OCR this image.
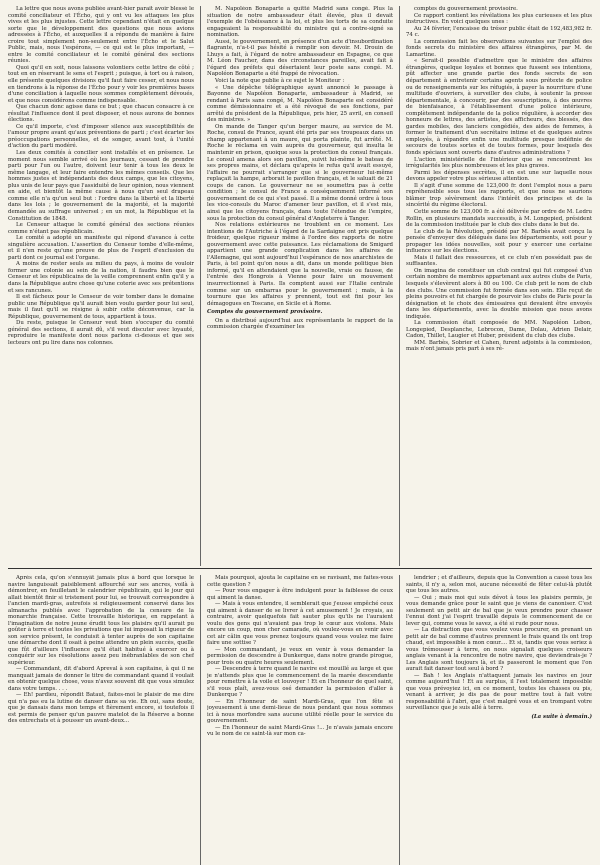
La lettre que nous avons publiée avant-hier paraît avoir blessé le comité conciliateur et l'Écho, qui y ont vu les attaques les plus vives et les plus injustes. Cette lettre cependant n'était en quelque sorte que le développement des questions que nous avions adressées à l'Écho, et auxquelles il a répondu de manière à faire croire tout simplement non-seulement entre l'Écho et le Salut Public, mais, nous l'espérons, — ce qui est le plus important, — entre le comité conciliateur et le comité général des sections réunies.

Quoi qu'il en soit, nous laissons volontiers cette lettre de côté ; tout en en réservant le sens et l'esprit ; puisque, à tort ou à raison, elle présente quelques divisions qu'il faut faire cesser, et nous nous en tiendrons à la réponse de l'Écho pour y voir les premières bases d'une conciliation à laquelle nous sommes complètement dévoués, et que nous considérons comme indispensable.

Que chacun donc agisse dans ce but ; que chacun consacre à ce résultat l'influence dont il peut disposer, et nous aurons de bonnes élections.

Ce qu'il importe, c'est d'imposer silence aux susceptibilités de l'amour propre avant qu'aux préventions de parti ; c'est écarter les préoccupations personnelles, et de songer, avant tout, à l'unité d'action du parti modéré.

Les deux comités à concilier sont installés et en présence. Le moment nous semble arrivé où les journaux, cessant de prendre parti pour l'un ou l'autre, doivent leur tenir à tous les deux le même langage, et leur faire entendre les mêmes conseils. Que les hommes justes et indépendants des deux camps, que les citoyens, plus unis de leur pays que l'assiduité de leur opinion, nous viennent en aide, et bientôt la même cause à nous qu'un seul drapeau comme elle n'a qu'un seul but : l'ordre dans la liberté et la liberté dans les lois ; le gouvernement de la majorité, et la majorité demandée au suffrage universel ; en un mot, la République et la Constitution de 1848.

Le Censeur attaque le comité général des sections réunies comme n'étant pas républicain.

Le comité a adopté un manifeste qui répond d'avance à cette singulière accusation. L'assertion du Censeur tombe d'elle-même, et il n'en reste qu'une preuve de plus de l'esprit d'exclusion du parti dont ce journal est l'organe.

A moins de rester seuls au milieu du pays, à moins de vouloir former une colonie au sein de la nation, il faudra bien que le Censeur et les républicains de la veille comprennent enfin qu'il y a dans la République autre chose qu'une coterie avec ses prétentions et ses rancunes.

Il est fâcheux pour le Censeur de voir tomber dans le domaine public une République qu'il aurait bien voulu garder pour lui seul, mais il faut qu'il se résigne à subir cette déconvenue, car la République, gouvernement de tous, appartient à tous.

Du reste, puisque le Censeur veut bien s'occuper du comité général des sections, il aurait dû, s'il veut discuter avec loyauté, reproduire le manifeste dont nous parlons ci-dessus et que ses lecteurs ont pu lire dans nos colonnes.

M. Napoléon Bonaparte a quitté Madrid sans congé. Plus la situation de notre ambassadeur était élevée, plus il devait l'exemple de l'obéissance à la loi, et plus les torts de sa conduite engageaient la responsabilité du ministre qui a contre-signé sa nomination.

Aussi, le gouvernement, en présence d'un acte d'insubordination flagrante, n'a-t-il pas hésité à remplir son devoir. M. Drouin de Lhuys a fait, à l'égard de notre ambassadeur en Espagne, ce que M. Léon Faucher, dans des circonstances pareilles, avait fait à l'égard des préfets qui désertaient leur poste sans congé. M. Napoléon Bonaparte a été frappé de révocation.

Voici la note que publie à ce sujet le Moniteur :

« Une dépêche télégraphique ayant annoncé le passage à Bayonne de Napoléon Bonaparte, ambassadeur à Madrid, se rendant à Paris sans congé, M. Napoléon Bonaparte est considéré comme démissionnaire et a été révoqué de ses fonctions, par arrêté du président de la République, pris hier, 25 avril, en conseil des ministres. »

On mande de Tanger qu'un berger maure, au service de M. Roche, consul de France, ayant été pris par ses troupeaux dans un champ appartenant à un maure, qui porta plainte, fut arrêté. M. Roche le réclama en vain auprès du gouverneur, qui insulta le maintenir en prison, quoique sous la protection du consul français. Le consul amena alors son pavillon, suivit lui-même le bateau de ses propres mains, et déclara qu'après le refus qu'il avait essuyé, l'affaire ne pourrait s'arranger que si le gouverneur lui-même replaçait la hampe, arborait le pavillon français, et le saluait de 21 coups de canon. Le gouverneur ne se soumettra pas à cette condition ; le consul de France a conséquemment informé son gouvernement de ce qui s'est passé. Il a même donné ordre à tous les vice-consuls du Maroc d'amener leur pavillon, et il s'est mis, ainsi que les citoyens français, dans toute l'étendue de l'empire, sous la protection du consul général d'Angleterre à Tanger.

Nos relations extérieures ne troublent en ce moment. Les intentions de l'Autriche à l'égard de la Sardaigne ont pris quelque froideur, quelque rigueur même à l'ordre des rapports de notre gouvernement avec cette puissance. Les réclamations de Smigard appartient une grande complication dans les affaires de l'Allemagne, qui sont aujourd'hui l'espérance de nos anarchistes de Paris, à tel point qu'on nous a dit, dans un monde politique bien informé, qu'il en attendaient que la nouvelle, vraie ou fausse, de l'entrée des Hongrois à Vienne pour faire un mouvement insurrectionnel à Paris. Ils comptent aussi sur l'Italie centrale comme sur un embarras pour le gouvernement ; mais, à la tournure que les affaires y prennent, tout est fini pour les démagogues en Toscane, en Sicile et à Rome.

Comptes du gouvernement provisoire.

On a distribué aujourd'hui aux représentants le rapport de la commission chargée d'examiner les

comptes du gouvernement provisoire.

Ce rapport contient les révélations les plus curieuses et les plus instructives. En voici quelques unes :

Au 24 février, l'encaisse du trésor public était de 192,483,982 fr. 74 c.

La commission fait les observations suivantes sur l'emploi des fonds secrets du ministère des affaires étrangères, par M. de Lamartine.

« Serait-il possible d'admettre que le ministre des affaires étrangères, quelque loyales et bonnes que fussent ses intentions, pût affecter une grande partie des fonds secrets de son département à entretenir certains agents sous prétexte de police ou de renseignements sur les réfugiés, à payer la nourriture d'une multitude d'ouvriers, à surveiller des clubs, à soutenir la presse départementale, à concourir, par des souscriptions, à des œuvres de bienfaisance, à l'établissement d'une police intérieure, complètement indépendante de la police régulière, à accorder des honneurs de lettres, des artistes, des afficheurs, des blessés, des gardes mobiles, des lanciers congédiés, des aides de femmes, à former le traitement d'un secrétaire intime et de quelques autres employés, à répandre enfin une multitude presque indéfinie de secours de toutes sortes et de toutes formes, pour lesquels des fonds spéciaux sont ouverts dans d'autres administrations ?

L'action ministérielle de l'intérieur que se rencontrent les irrégularités les plus nombreuses et les plus graves.

Parmi les dépenses secrètes, il en est une sur laquelle nous devons appeler votre plus sérieuse attention.

Il s'agit d'une somme de 123,000 fr. dont l'emploi nous a paru repréhensible sous tous les rapports, et que nous ne saurions blâmer trop sévèrement dans l'intérêt des principes et de la sincérité du régime électoral.

Cette somme de 123,000 fr. a été délivrée par ordre de M. Ledru Rollin, en plusieurs mandats successifs, à M. Longepied, président de la commission instituée par le club des clubs dans le but de.

Le club de la Révolution, présidé par M. Barbès avait conçu la pensée d'envoyer des délégués dans les départements, soit pour y propager les idées nouvelles, soit pour y exercer une certaine influence sur les élections.

Mais il fallait des ressources, et ce club n'en possédait pas de suffisantes.

On imagina de constituer un club central qui fut composé d'un certain nombre de membres appartenant aux autres clubs de Paris, lesquels s'élevèrent alors à 80 ou 100. Ce club prit le nom de club des clubs. Une commission fut formée dans son sein. Elle reçut de pleins pouvoirs et fut chargée de pourvoir les clubs de Paris pour la désignation et le choix des émissaires qui devaient être envoyés dans les départements, avec la double mission que nous avons indiquée.

La commission était composée de MM. Napoléon Lebon, Longepied, Desplanche, Lebrocon, Dame, Dolau, Adrien Delair, Cadon, Thillet, Laugier et Huber, président du club des clubs.

MM. Barbès, Sobrier et Cahen, furent adjoints à la commission, mais n'ont jamais pris part à ses ré-

Après cela, qu'on s'ennuyât jamais plus à bord que lorsque le navire languissait paisiblement affourché sur ses ancres, voilà à démontrer, en feuilletant le calendrier républicain, qui le jour qui allait bientôt finir si tristement pour lui, se trouvait correspondre à l'ancien mardi-gras, autrefois si religieusement conservé dans les almanachs publiés avec l'approbation de la censure de la monarchie française. Cette trouvaille historique, en rappelant à l'imagination de notre jeune érudit tous les plaisirs qu'il aurait pu goûter à terre et toutes les privations que lui imposait la rigueur de son service présent, le conduisit à tenter auprès de son capitaine une démarche dont il osait à peine attendre un plein succès, quelle que fût d'ailleurs l'influence qu'il était habitué à exercer ou à conquérir sur les résolutions assez peu inébranlables de son chef supérieur.

— Commandant, dit d'abord Apreval à son capitaine, à qui il ne manquait jamais de donner le titre de commandant quand il voulait en obtenir quelque chose, vous n'avez souvent dit que vous simulez dans votre temps. . . .

— Eh! pardieu, répondit Bataut, faites-moi le plaisir de me dire qui n'a pas eu la lutine de danser dans sa vie. Eh oui, sans doute, que je dansais dans mon temps et fièrement encore, si toutefois il est permis de penser qu'un pauvre matelot de la Réserve a bonne des entrechats et à pousser un avant-deux...

Mais pourquoi, ajouta le capitaine en se ravisant, me faites-vous cette question ?

— Pour vous engager à être indulgent pour la faiblesse de ceux qui aiment la danse.

— Mais à vous entendre, il semblerait que j'eusse empêché ceux qui aiment à danser de se livrer à cet amusement ! Je croyais, au contraire, avoir quelquefois fait sauter plus qu'ils ne l'auraient voulu des gens qui n'avaient pas trop le cœur aux violons. Mais encore un coup, mon cher camarade, où voulez-vous en venir avec cet air câlin que vous prenez toujours quand vous voulez me faire faire une sottise ?

— Mon commandant, je veux en venir à vous demander la permission de descendre à Dunkerque, dans notre grande pirogue, pour trois ou quatre heures seulement.

— Descendre à terre quand le navire est mouillé au large et que je n'attends plus que le commencement de la marée descendante pour remettre à la voile et louvoyer ! Et en l'honneur de quel saint, s'il vous plaît, avez-vous osé demander la permission d'aller à Dunkerque ?

— En l'honneur de saint Mardi-Gras, que l'on fête si joyeusement à une demi-lieue de nous pendant que nous sommes ici à nous morfondre sans aucune utilité réelle pour le service du gouvernement.

— En l'honneur de saint Mardi-Gras !... Je n'avais jamais encore vu le nom de ce saint-là sur mon ca-

lendrier ; et d'ailleurs, depuis que la Convention a cassé tous les saints, il n'y a, selon moi, aucune nécessité de fêter celui-là plutôt que tous les autres.

— Oui ; mais moi qui suis dévot à tous les plaisirs permis, je vous demande grâce pour le saint que je viens de canoniser. C'est seulement un petit air de bal que je veux prendre pour chasser l'ennui dont j'ai l'esprit travaillé depuis le commencement de ce lever qui, comme vous le savez, a été si rude pour nous.

— La distraction que vous voulez vous procurer, en prenant un petit air de bal comme d'autres prennent le frais quand ils ont trop chaud, est impossible à mon cœur.... Et si, tandis que vous seriez à vous trémousser à terre, on nous signalait quelques croiseurs anglais venant à la rencontre de notre navire, que deviendrais-je ? Les Anglais sont toujours là, et ils passeront le moment que l'on aurait fait danser tout seul à bord ?

— Bah ! les Anglais n'attaquent jamais les navires en jour comme aujourd'hui ! Et au surplus, il l'est totalement impossible que vous prévoyiez ici, en ce moment, toutes les chasses ou pis, venant à arriver, je dis pas de pour mettre tout à fait votre responsabilité à l'abri, que c'est malgré vous et en trompant votre surveillance que je suis allé à terre.

(La suite à demain.)
